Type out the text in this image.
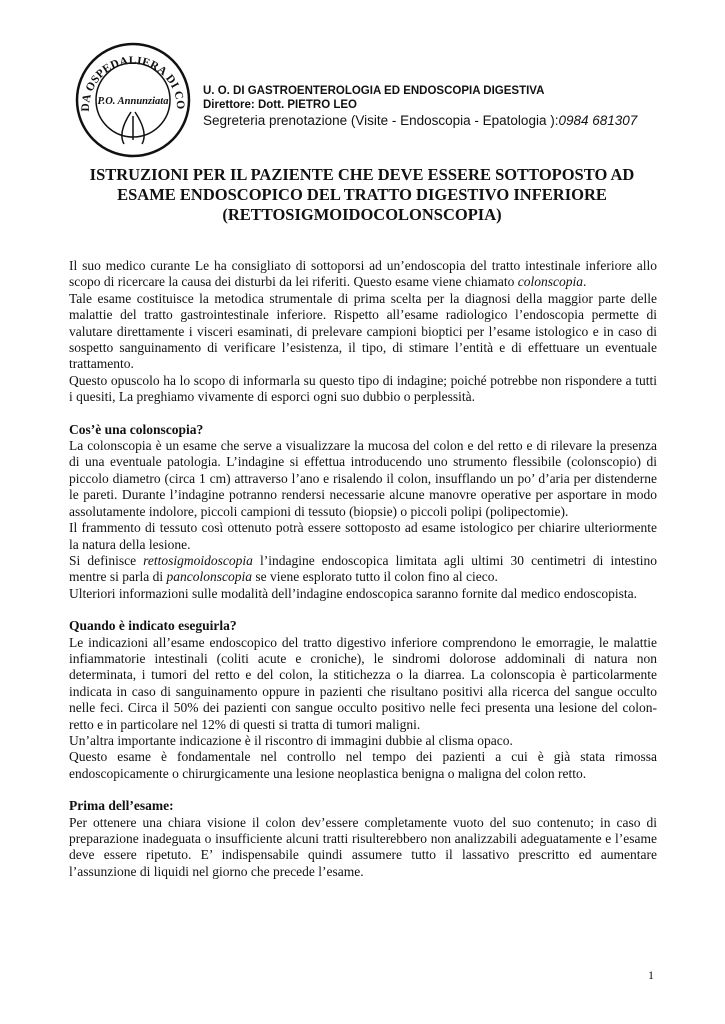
DA OSPEDALIERA DI CO
P.O. Annunziata
U. O. DI GASTROENTEROLOGIA ED ENDOSCOPIA DIGESTIVA
Direttore: Dott. PIETRO LEO
Segreteria prenotazione (Visite - Endoscopia - Epatologia ):0984 681307
ISTRUZIONI PER IL PAZIENTE CHE DEVE ESSERE SOTTOPOSTO AD
ESAME ENDOSCOPICO DEL TRATTO DIGESTIVO INFERIORE
(RETTOSIGMOIDOCOLONSCOPIA)

Il suo medico curante Le ha consigliato di sottoporsi ad un’endoscopia del tratto intestinale inferiore allo scopo di ricercare la causa dei disturbi da lei riferiti. Questo esame viene chiamato colonscopia.

Tale esame costituisce la metodica strumentale di prima scelta per la diagnosi della maggior parte delle malattie del tratto gastrointestinale inferiore. Rispetto all’esame radiologico l’endoscopia permette di valutare direttamente i visceri esaminati, di prelevare campioni bioptici per l’esame istologico e in caso di sospetto sanguinamento di verificare l’esistenza, il tipo, di stimare l’entità e di effettuare un eventuale trattamento.

Questo opuscolo ha lo scopo di informarla su questo tipo di indagine; poiché potrebbe non rispondere a tutti i quesiti, La preghiamo vivamente di esporci ogni suo dubbio o perplessità.

Cos’è una colonscopia?

La colonscopia è un esame che serve a visualizzare la mucosa del colon e del retto e di rilevare la presenza di una eventuale patologia. L’indagine si effettua introducendo uno strumento flessibile (colonscopio) di piccolo diametro (circa 1 cm) attraverso l’ano e risalendo il colon, insufflando un po’ d’aria per distenderne le pareti. Durante l’indagine potranno rendersi necessarie alcune manovre operative per asportare in modo assolutamente indolore, piccoli campioni di tessuto (biopsie) o piccoli polipi (polipectomie).

Il frammento di tessuto così ottenuto potrà essere sottoposto ad esame istologico per chiarire ulteriormente la natura della lesione.

Si definisce rettosigmoidoscopia l’indagine endoscopica limitata agli ultimi 30 centimetri di intestino mentre si parla di pancolonscopia se viene esplorato tutto il colon fino al cieco.

Ulteriori informazioni sulle modalità dell’indagine endoscopica saranno fornite dal medico endoscopista.

Quando è indicato eseguirla?

Le indicazioni all’esame endoscopico del tratto digestivo inferiore comprendono le emorragie, le malattie infiammatorie intestinali (coliti acute e croniche), le sindromi dolorose addominali di natura non determinata, i tumori del retto e del colon, la stitichezza o la diarrea. La colonscopia è particolarmente indicata in caso di sanguinamento oppure in pazienti che risultano positivi alla ricerca del sangue occulto nelle feci. Circa il 50% dei pazienti con sangue occulto positivo nelle feci presenta una lesione del colon-retto e in particolare nel 12% di questi si tratta di tumori maligni.

Un’altra importante indicazione è il riscontro di immagini dubbie al clisma opaco.

Questo esame è fondamentale nel controllo nel tempo dei pazienti a cui è già stata rimossa endoscopicamente o chirurgicamente una lesione neoplastica benigna o maligna del colon retto.

Prima dell’esame:

Per ottenere una chiara visione il colon dev’essere completamente vuoto del suo contenuto; in caso di preparazione inadeguata o insufficiente alcuni tratti risulterebbero non analizzabili adeguatamente e l’esame deve essere ripetuto. E’ indispensabile quindi assumere tutto il lassativo prescritto ed aumentare l’assunzione di liquidi nel giorno che precede l’esame.

1
